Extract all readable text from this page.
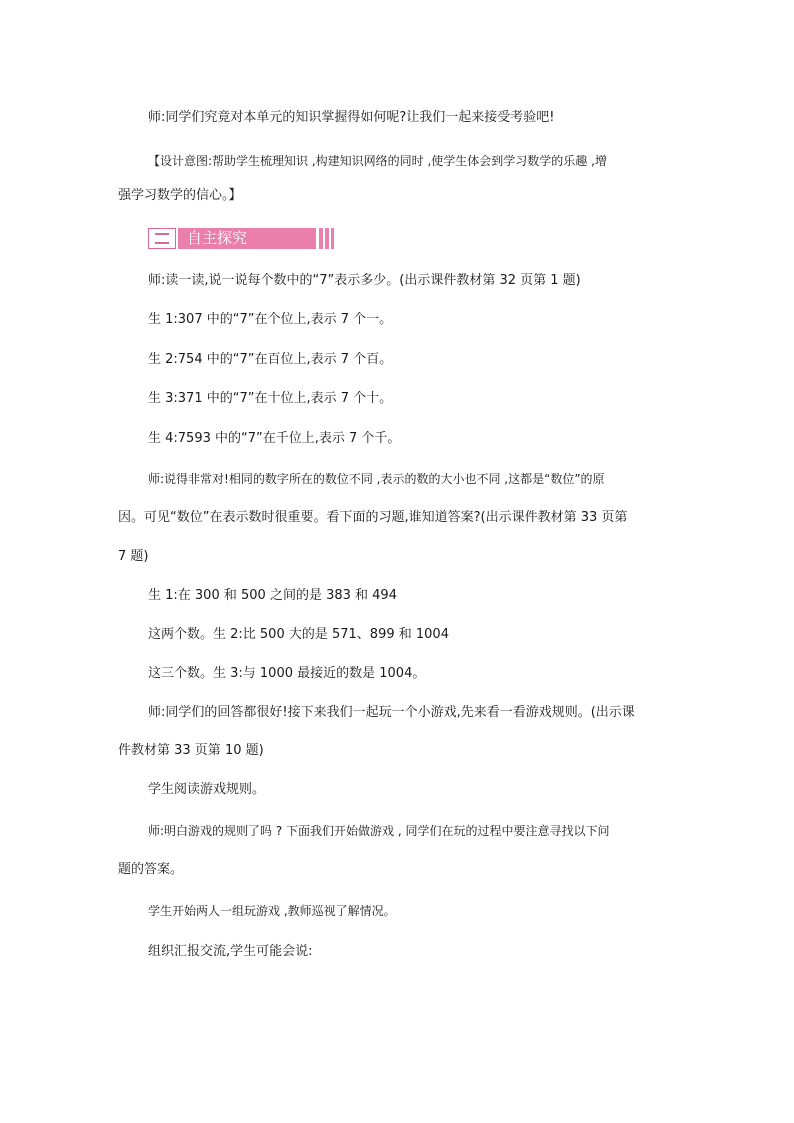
师:同学们究竟对本单元的知识掌握得如何呢?让我们一起来接受考验吧!
【设计意图:帮助学生梳理知识 ,构建知识网络的同时 ,使学生体会到学习数学的乐趣 ,增
强学习数学的信心。】
自主探究
师:读一读,说一说每个数中的“7”表示多少。(出示课件教材第 32 页第 1 题)
生 1:307 中的“7”在个位上,表示 7 个一。
生 2:754 中的“7”在百位上,表示 7 个百。
生 3:371 中的“7”在十位上,表示 7 个十。
生 4:7593 中的“7”在千位上,表示 7 个千。
师:说得非常对!相同的数字所在的数位不同 ,表示的数的大小也不同 ,这都是“数位”的原
因。可见“数位”在表示数时很重要。看下面的习题,谁知道答案?(出示课件教材第 33 页第
7 题)
生 1:在 300 和 500 之间的是 383 和 494
这两个数。生 2:比 500 大的是 571、899 和 1004
这三个数。生 3:与 1000 最接近的数是 1004。
师:同学们的回答都很好!接下来我们一起玩一个小游戏,先来看一看游戏规则。(出示课
件教材第 33 页第 10 题)
学生阅读游戏规则。
师:明白游戏的规则了吗 ? 下面我们开始做游戏 , 同学们在玩的过程中要注意寻找以下问
题的答案。
学生开始两人一组玩游戏 ,教师巡视了解情况。
组织汇报交流,学生可能会说:
